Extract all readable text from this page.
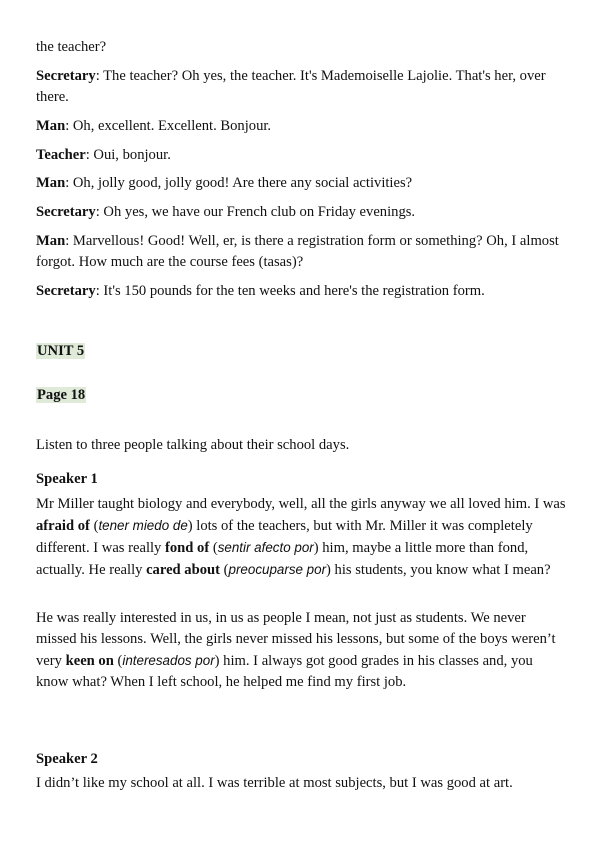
the teacher?

Secretary: The teacher? Oh yes, the teacher. It's Mademoiselle Lajolie. That's her, over there.

Man: Oh, excellent. Excellent. Bonjour.

Teacher: Oui, bonjour.

Man: Oh, jolly good, jolly good! Are there any social activities?

Secretary: Oh yes, we have our French club on Friday evenings.

Man: Marvellous! Good! Well, er, is there a registration form or something? Oh, I almost forgot. How much are the course fees (tasas)?

Secretary: It's 150 pounds for the ten weeks and here's the registration form.

UNIT 5

Page 18

Listen to three people talking about their school days.

Speaker 1

Mr Miller taught biology and everybody, well, all the girls anyway we all loved him. I was afraid of (tener miedo de) lots of the teachers, but with Mr. Miller it was completely different. I was really fond of (sentir afecto por) him, maybe a little more than fond, actually. He really cared about (preocuparse por) his students, you know what I mean?

He was really interested in us, in us as people I mean, not just as students. We never missed his lessons. Well, the girls never missed his lessons, but some of the boys weren’t very keen on (interesados por) him. I always got good grades in his classes and, you know what? When I left school, he helped me find my first job.

Speaker 2

I didn’t like my school at all. I was terrible at most subjects, but I was good at art.
